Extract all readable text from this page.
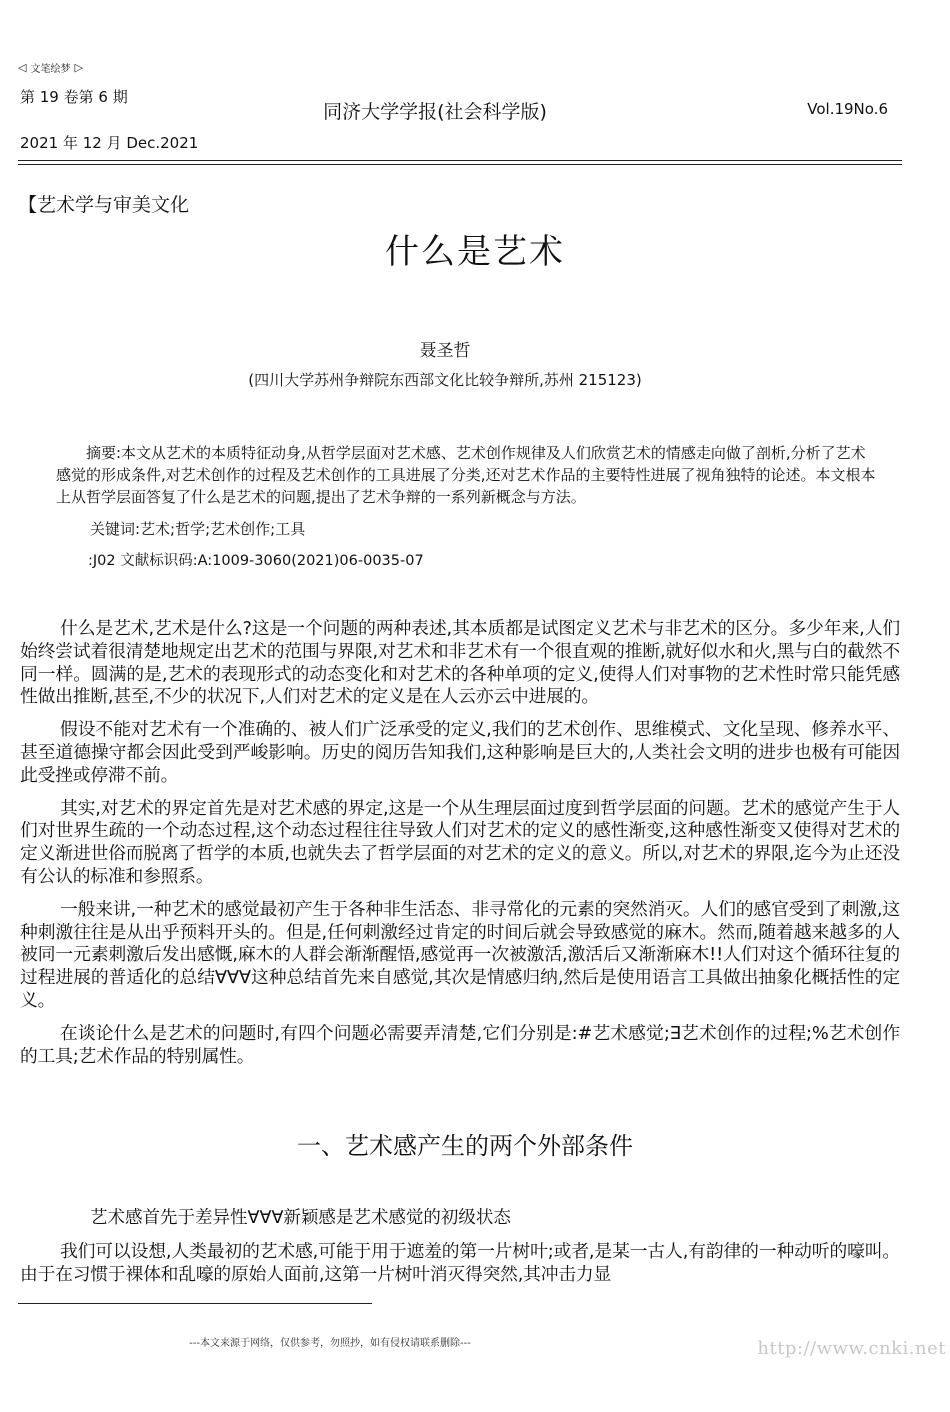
◁ 文笔绘梦 ▷
第 19 卷第 6 期
同济大学学报(社会科学版)	Vol.19No.6
2021 年 12 月 Dec.2021
【艺术学与审美文化
什么是艺术
聂圣哲
(四川大学苏州争辩院东西部文化比较争辩所,苏州 215123)

摘要:本文从艺术的本质特征动身,从哲学层面对艺术感、艺术创作规律及人们欣赏艺术的情感走向做了剖析,分析了艺术感觉的形成条件,对艺术创作的过程及艺术创作的工具进展了分类,还对艺术作品的主要特性进展了视角独特的论述。本文根本上从哲学层面答复了什么是艺术的问题,提出了艺术争辩的一系列新概念与方法。

关键词:艺术;哲学;艺术创作;工具
:J02 文献标识码:A:1009-3060(2021)06-0035-07

什么是艺术,艺术是什么?这是一个问题的两种表述,其本质都是试图定义艺术与非艺术的区分。多少年来,人们始终尝试着很清楚地规定出艺术的范围与界限,对艺术和非艺术有一个很直观的推断,就好似水和火,黑与白的截然不同一样。圆满的是,艺术的表现形式的动态变化和对艺术的各种单项的定义,使得人们对事物的艺术性时常只能凭感性做出推断,甚至,不少的状况下,人们对艺术的定义是在人云亦云中进展的。

假设不能对艺术有一个准确的、被人们广泛承受的定义,我们的艺术创作、思维模式、文化呈现、修养水平、甚至道德操守都会因此受到严峻影响。历史的阅历告知我们,这种影响是巨大的,人类社会文明的进步也极有可能因此受挫或停滞不前。

其实,对艺术的界定首先是对艺术感的界定,这是一个从生理层面过度到哲学层面的问题。艺术的感觉产生于人们对世界生疏的一个动态过程,这个动态过程往往导致人们对艺术的定义的感性渐变,这种感性渐变又使得对艺术的定义渐进世俗而脱离了哲学的本质,也就失去了哲学层面的对艺术的定义的意义。所以,对艺术的界限,迄今为止还没有公认的标准和参照系。

一般来讲,一种艺术的感觉最初产生于各种非生活态、非寻常化的元素的突然消灭。人们的感官受到了刺激,这种刺激往往是从出乎预料开头的。但是,任何刺激经过肯定的时间后就会导致感觉的麻木。然而,随着越来越多的人被同一元素刺激后发出感慨,麻木的人群会渐渐醒悟,感觉再一次被激活,激活后又渐渐麻木!!人们对这个循环往复的过程进展的普适化的总结∀∀∀这种总结首先来自感觉,其次是情感归纳,然后是使用语言工具做出抽象化概括性的定义。

在谈论什么是艺术的问题时,有四个问题必需要弄清楚,它们分别是:#艺术感觉;∃艺术创作的过程;%艺术创作的工具;艺术作品的特别属性。

一、艺术感产生的两个外部条件
艺术感首先于差异性∀∀∀新颖感是艺术感觉的初级状态

我们可以设想,人类最初的艺术感,可能于用于遮羞的第一片树叶;或者,是某一古人,有韵律的一种动听的嚎叫。由于在习惯于裸体和乱嚎的原始人面前,这第一片树叶消灭得突然,其冲击力显

---本文来源于网络，仅供参考，勿照抄，如有侵权请联系删除---	http://www.cnki.net
